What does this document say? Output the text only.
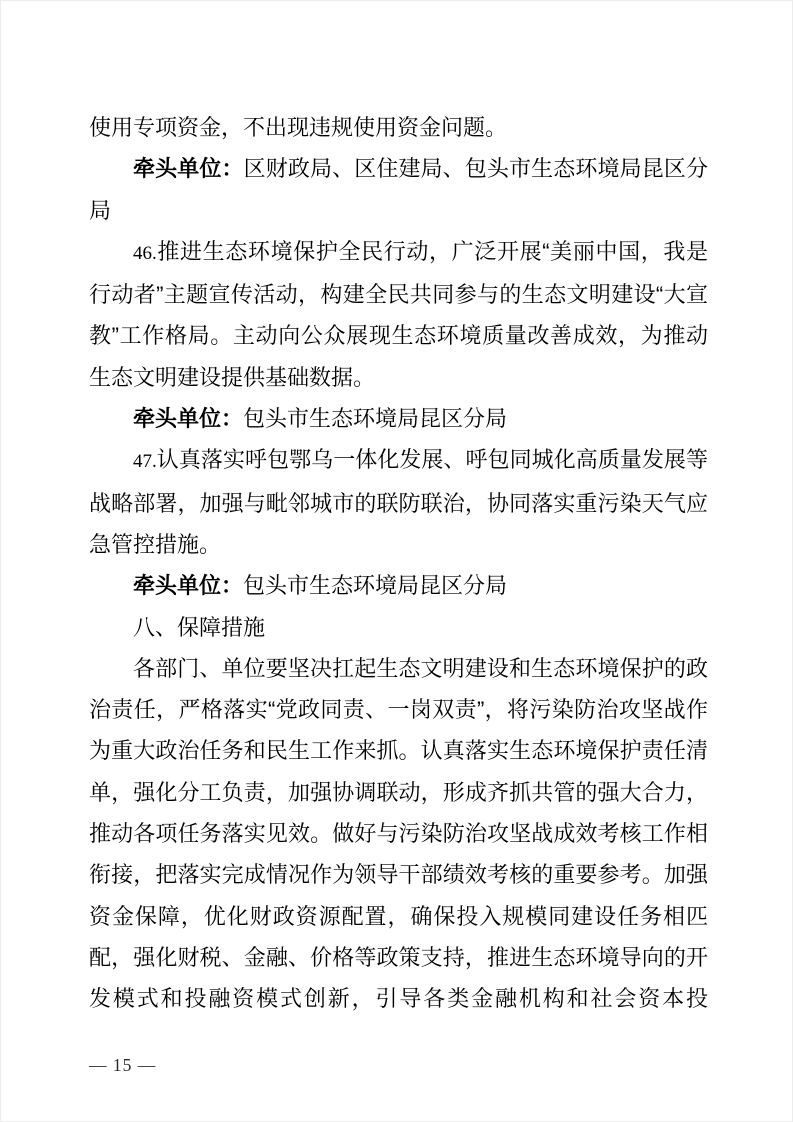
使用专项资金，不出现违规使用资金问题。

牵头单位：区财政局、区住建局、包头市生态环境局昆区分局

46.推进生态环境保护全民行动，广泛开展“美丽中国，我是行动者”主题宣传活动，构建全民共同参与的生态文明建设“大宣教”工作格局。主动向公众展现生态环境质量改善成效，为推动生态文明建设提供基础数据。

牵头单位：包头市生态环境局昆区分局

47.认真落实呼包鄂乌一体化发展、呼包同城化高质量发展等战略部署，加强与毗邻城市的联防联治，协同落实重污染天气应急管控措施。

牵头单位：包头市生态环境局昆区分局

八、保障措施

各部门、单位要坚决扛起生态文明建设和生态环境保护的政治责任，严格落实“党政同责、一岗双责”，将污染防治攻坚战作为重大政治任务和民生工作来抓。认真落实生态环境保护责任清单，强化分工负责，加强协调联动，形成齐抓共管的强大合力，推动各项任务落实见效。做好与污染防治攻坚战成效考核工作相衔接，把落实完成情况作为领导干部绩效考核的重要参考。加强资金保障，优化财政资源配置，确保投入规模同建设任务相匹配，强化财税、金融、价格等政策支持，推进生态环境导向的开发模式和投融资模式创新，引导各类金融机构和社会资本投

— 15 —
